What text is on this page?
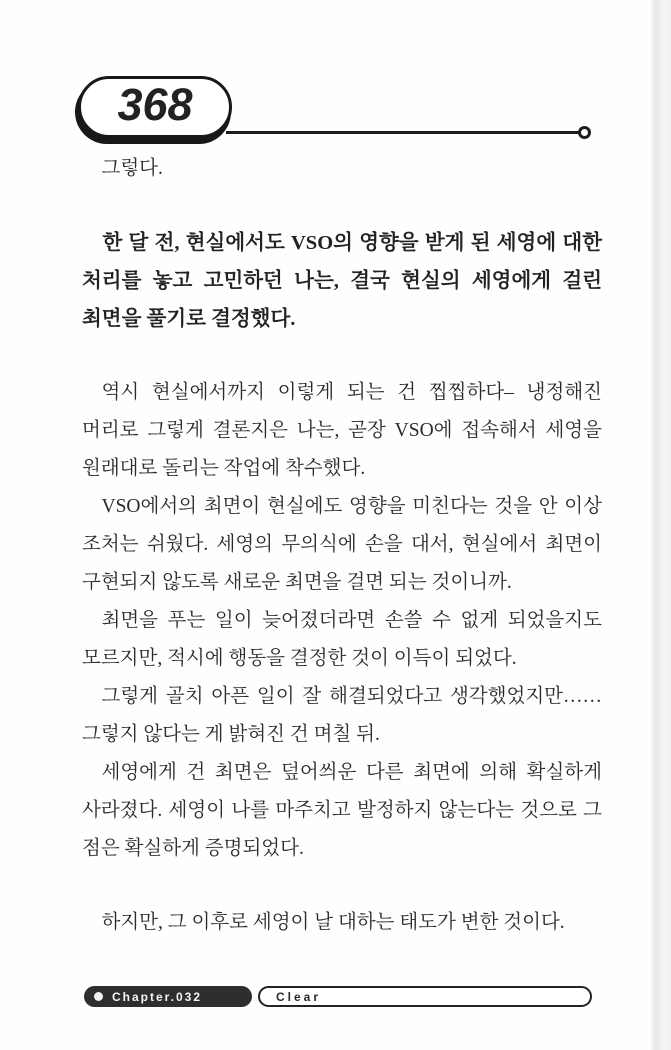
368

그렇다.

한 달 전, 현실에서도 VSO의 영향을 받게 된 세영에 대한 처리를 놓고 고민하던 나는, 결국 현실의 세영에게 걸린 최면을 풀기로 결정했다.

역시 현실에서까지 이렇게 되는 건 찝찝하다– 냉정해진 머리로 그렇게 결론지은 나는, 곧장 VSO에 접속해서 세영을 원래대로 돌리는 작업에 착수했다.

VSO에서의 최면이 현실에도 영향을 미친다는 것을 안 이상 조처는 쉬웠다. 세영의 무의식에 손을 대서, 현실에서 최면이 구현되지 않도록 새로운 최면을 걸면 되는 것이니까.

최면을 푸는 일이 늦어졌더라면 손쓸 수 없게 되었을지도 모르지만, 적시에 행동을 결정한 것이 이득이 되었다.

그렇게 골치 아픈 일이 잘 해결되었다고 생각했었지만…… 그렇지 않다는 게 밝혀진 건 며칠 뒤.

세영에게 건 최면은 덮어씌운 다른 최면에 의해 확실하게 사라졌다. 세영이 나를 마주치고 발정하지 않는다는 것으로 그 점은 확실하게 증명되었다.

하지만, 그 이후로 세영이 날 대하는 태도가 변한 것이다.

Chapter.032	Clear
